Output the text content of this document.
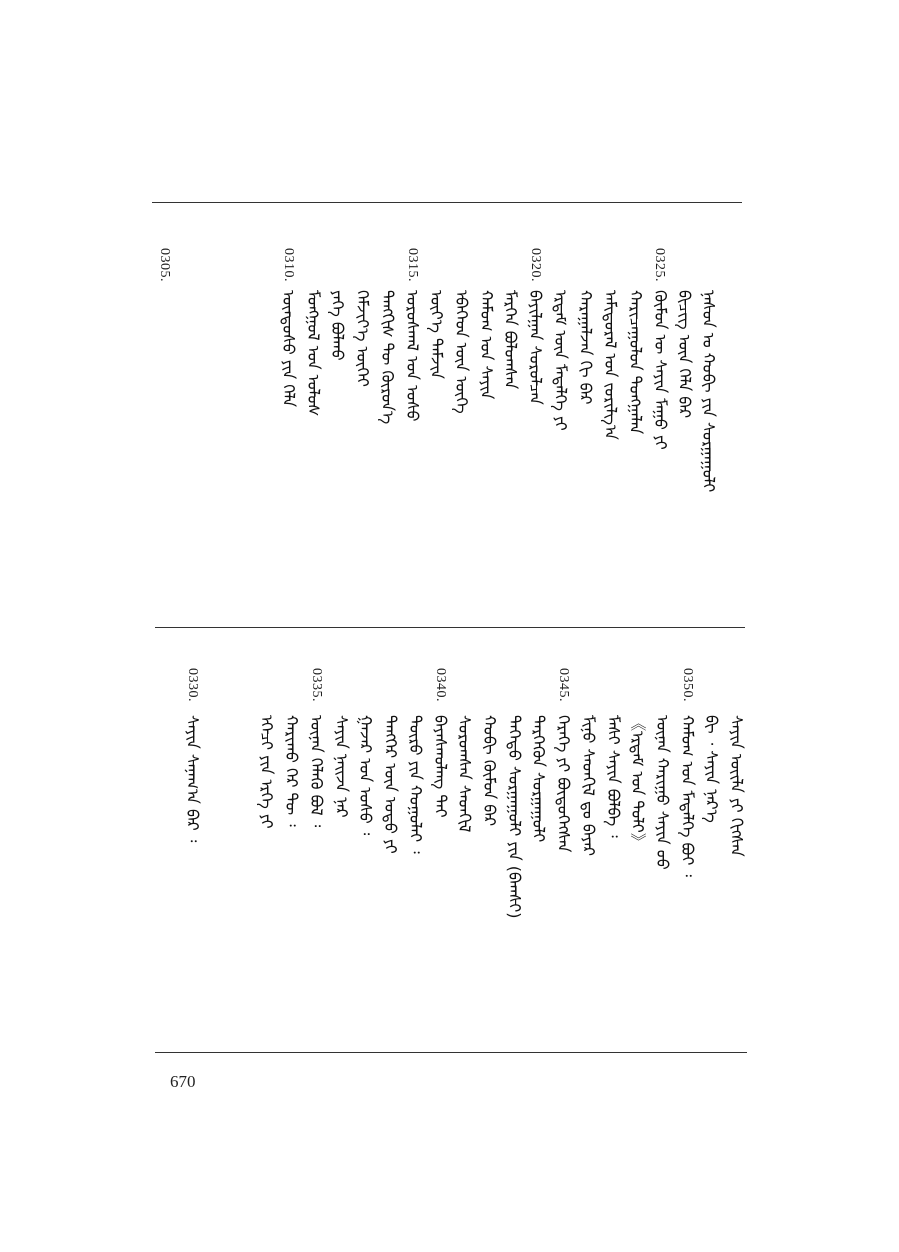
0325.
0320.
0315.
0310.
0305.
ᠨᠠᠰᠤᠨ ᠤ ᠬᠤᠪᠢ ᠶᠢᠨ ᠰᠤᠷᠭᠠᠭᠤᠯᠢ
ᠪᠢᠴᠢᠭ ᠦᠨ ᠬᠡᠯᠡ ᠪᠡᠷ
ᠬᠦᠮᠦᠨ ᠦ ᠰᠠᠶᠢᠨ ᠮᠠᠭᠤ ᠶᠢ
ᠬᠠᠷᠢᠴᠠᠭᠤᠯᠤᠨ ᠲᠤᠩᠭᠠᠯᠠᠨ
ᠠᠮᠢᠳᠤᠷᠠᠯ ᠤᠨ ᠵᠣᠷᠢᠯᠭ᠎ᠠ
ᠬᠠᠷᠠᠭᠠᠯᠵᠠᠨ ᠬᠢ ᠪᠡᠷ
ᠡᠷᠳᠡᠮ ᠦᠨ ᠮᠡᠳᠡᠯᠭᠡ ᠶᠢ
ᠪᠠᠶᠢᠯᠭᠠᠨ ᠰᠤᠷᠤᠯᠴᠠᠨ
ᠮᠡᠷᠭᠡᠨ ᠪᠤᠯᠤᠭᠰᠠᠨ
ᠬᠠᠮᠤᠭ ᠤᠨ ᠰᠠᠶᠢᠨ
ᠡᠪᠡᠭᠡᠳ ᠦᠨ ᠦᠭᠡ
ᠦᠶ᠎ᠡ ᠳᠠᠮᠵᠢᠨ
ᠤᠷᠤᠰᠬᠠᠯ ᠤᠨ ᠤᠰᠤ
ᠲᠡᠩᠭᠢᠰ ᠲᠦ ᠬᠦᠷᠦᠨ᠎ᠡ
ᠬᠡᠮᠵᠢᠶ᠎ᠡ ᠦᠭᠡᠢ
ᠶᠡᠬᠡ ᠪᠤᠯᠬᠤ
ᠮᠤᠩᠭᠤᠯ ᠤᠨ ᠤᠯᠤᠰ
ᠦᠨᠳᠦᠰᠦ ᠶᠢᠨ ᠬᠡᠯᠡ
0350.
0345.
0340.
0335.
0330.
ᠰᠠᠶᠢᠨ ᠦᠢᠯᠡ ᠶᠢ ᠬᠢᠭᠰᠡᠨ
ᠪᠢ ᠂ ᠰᠠᠶᠢᠨ ᠨᠡᠷ᠎ᠡ
ᠬᠠᠮᠤᠭ ᠤᠨ ᠮᠡᠳᠡᠯᠭᠡ ᠪᠤᠢ ᠄
ᠦᠨᠡᠨ ᠬᠠᠷᠢᠭᠤ ᠰᠠᠶᠢᠨ ᠤᠤ
《ᠡᠷᠳᠡᠮ ᠤᠨ ᠲᠤᠯᠢ》
ᠮᠠᠰᠢ ᠰᠠᠶᠢᠨ ᠪᠤᠯᠪᠠ ᠄
ᠮᠢᠨᠤ ᠰᠡᠳᠬᠢᠯ ᠳᠤ ᠪᠠᠶᠠᠷ
ᠬᠡᠷᠡᠭᠡ ᠶᠢ ᠪᠦᠲᠦᠭᠡᠭᠰᠡᠨ
ᠲᠡᠷᠭᠡᠭᠦᠨ ᠰᠤᠷᠭᠠᠭᠤᠯᠢ
ᠳᠡᠭᠡᠳᠦ ᠰᠤᠷᠭᠠᠭᠤᠯᠢ ᠶᠢᠨ (ᠪᠠᠭᠰᠢ)
ᠬᠤᠪᠢ ᠬᠦᠮᠦᠨ ᠪᠠᠷ
ᠰᠤᠷᠤᠭᠰᠠᠨ ᠰᠡᠳᠬᠢᠯ
ᠪᠠᠶᠠᠰᠬᠤᠯᠠᠩ ᠲᠠᠢ
ᠲᠦᠷᠦ ᠶᠢᠨ ᠬᠤᠭᠤᠯᠠᠢ ᠄
ᠲᠡᠩᠭᠡᠷ ᠦᠨ ᠣᠳᠣ ᠶᠢ
ᠭᠠᠵᠠᠷ ᠤᠨ ᠤᠰᠤ ᠄
ᠰᠠᠶᠢᠨ ᠨᠠᠢᠵᠠ ᠨᠠᠷ
ᠦᠨᠡᠨ ᠬᠡᠯᠡᠬᠦ ᠪᠤᠯ ᠄
ᠬᠠᠷᠢᠬᠤ ᠭᠡᠷ ᠲᠦ ᠄
ᠡᠭᠡᠴᠢ ᠶᠢᠨ ᠡᠷᠬᠡ ᠶᠢ
ᠰᠠᠶᠢᠨ ᠰᠠᠨᠠᠭ᠎ᠠ ᠪᠠᠷ ᠄
670
